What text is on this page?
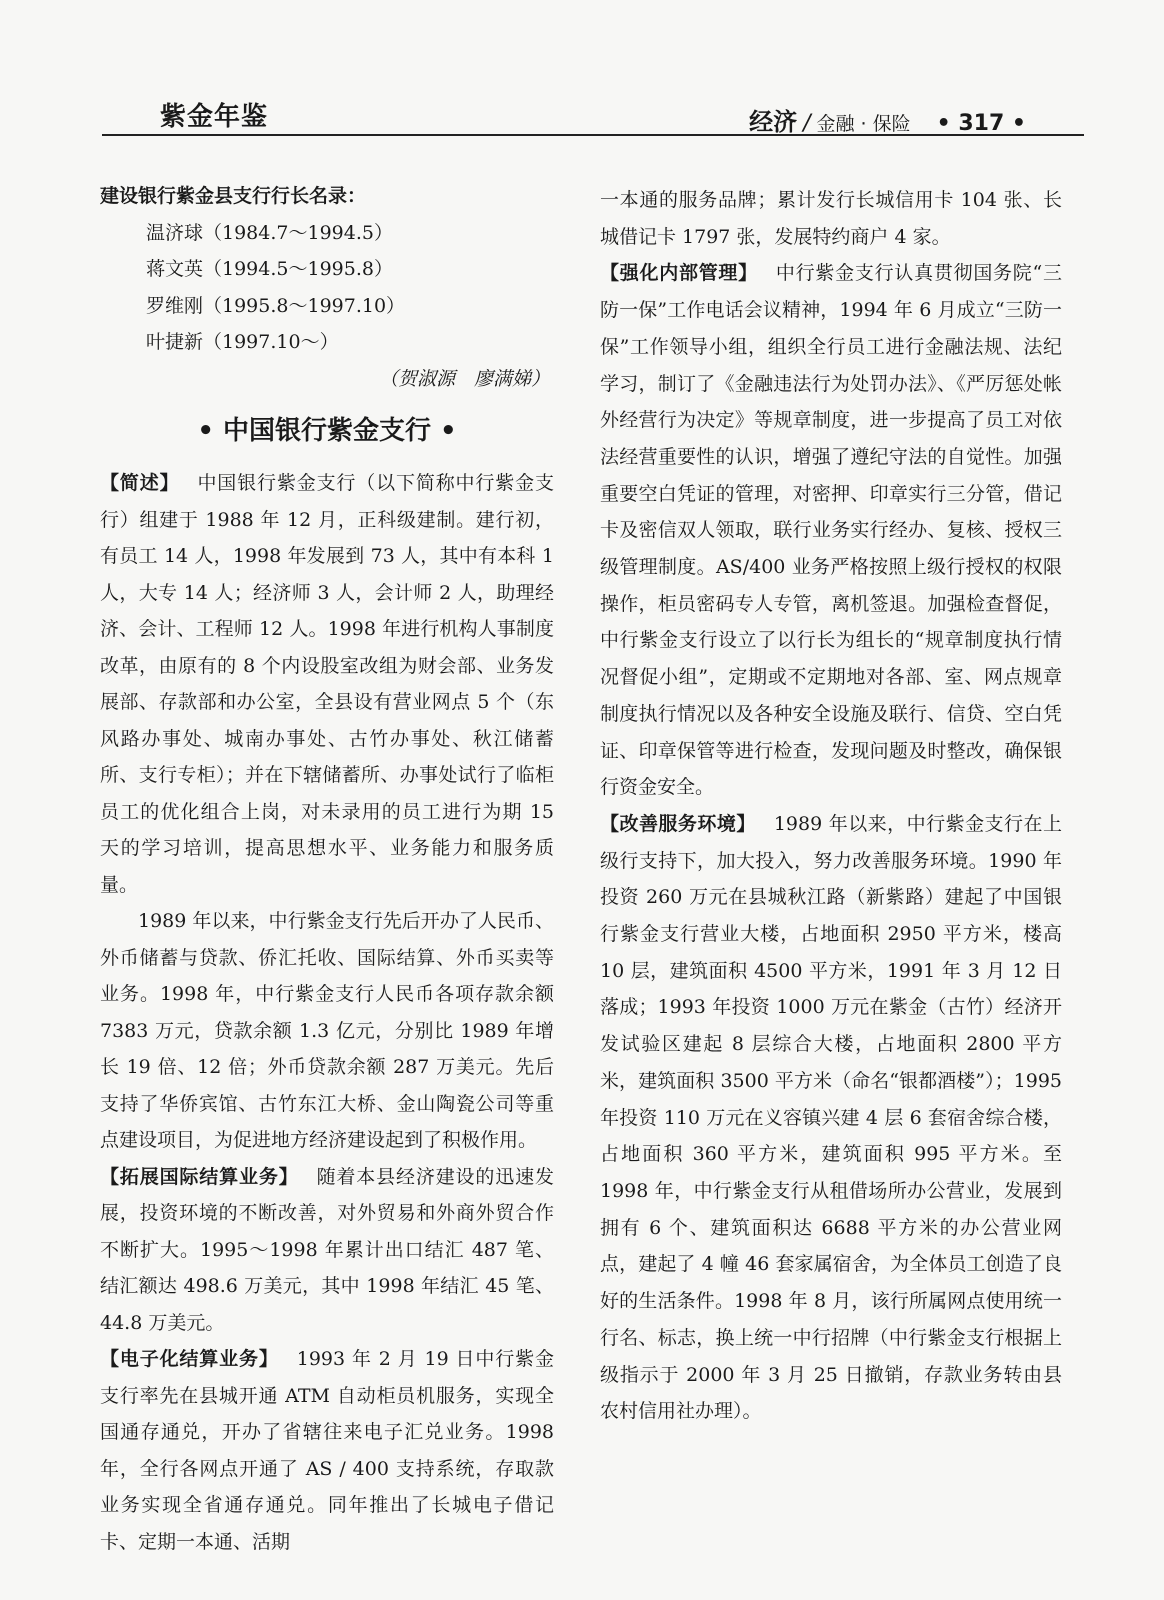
紫金年鉴	经济 / 金融 · 保险 • 317 •

建设银行紫金县支行行长名录：

温济球（1984.7～1994.5）

蒋文英（1994.5～1995.8）

罗维刚（1995.8～1997.10）

叶捷新（1997.10～）

（贺淑源　廖满娣）

• 中国银行紫金支行 •

【简述】 中国银行紫金支行（以下简称中行紫金支行）组建于 1988 年 12 月，正科级建制。建行初，有员工 14 人，1998 年发展到 73 人，其中有本科 1 人，大专 14 人；经济师 3 人，会计师 2 人，助理经济、会计、工程师 12 人。1998 年进行机构人事制度改革，由原有的 8 个内设股室改组为财会部、业务发展部、存款部和办公室，全县设有营业网点 5 个（东风路办事处、城南办事处、古竹办事处、秋江储蓄所、支行专柜）；并在下辖储蓄所、办事处试行了临柜员工的优化组合上岗，对未录用的员工进行为期 15 天的学习培训，提高思想水平、业务能力和服务质量。

1989 年以来，中行紫金支行先后开办了人民币、外币储蓄与贷款、侨汇托收、国际结算、外币买卖等业务。1998 年，中行紫金支行人民币各项存款余额 7383 万元，贷款余额 1.3 亿元，分别比 1989 年增长 19 倍、12 倍；外币贷款余额 287 万美元。先后支持了华侨宾馆、古竹东江大桥、金山陶瓷公司等重点建设项目，为促进地方经济建设起到了积极作用。

【拓展国际结算业务】 随着本县经济建设的迅速发展，投资环境的不断改善，对外贸易和外商外贸合作不断扩大。1995～1998 年累计出口结汇 487 笔、结汇额达 498.6 万美元，其中 1998 年结汇 45 笔、44.8 万美元。

【电子化结算业务】 1993 年 2 月 19 日中行紫金支行率先在县城开通 ATM 自动柜员机服务，实现全国通存通兑，开办了省辖往来电子汇兑业务。1998 年，全行各网点开通了 AS / 400 支持系统，存取款业务实现全省通存通兑。同年推出了长城电子借记卡、定期一本通、活期

一本通的服务品牌；累计发行长城信用卡 104 张、长城借记卡 1797 张，发展特约商户 4 家。

【强化内部管理】 中行紫金支行认真贯彻国务院“三防一保”工作电话会议精神，1994 年 6 月成立“三防一保”工作领导小组，组织全行员工进行金融法规、法纪学习，制订了《金融违法行为处罚办法》、《严厉惩处帐外经营行为决定》等规章制度，进一步提高了员工对依法经营重要性的认识，增强了遵纪守法的自觉性。加强重要空白凭证的管理，对密押、印章实行三分管，借记卡及密信双人领取，联行业务实行经办、复核、授权三级管理制度。AS/400 业务严格按照上级行授权的权限操作，柜员密码专人专管，离机签退。加强检查督促，中行紫金支行设立了以行长为组长的“规章制度执行情况督促小组”，定期或不定期地对各部、室、网点规章制度执行情况以及各种安全设施及联行、信贷、空白凭证、印章保管等进行检查，发现问题及时整改，确保银行资金安全。

【改善服务环境】 1989 年以来，中行紫金支行在上级行支持下，加大投入，努力改善服务环境。1990 年投资 260 万元在县城秋江路（新紫路）建起了中国银行紫金支行营业大楼，占地面积 2950 平方米，楼高 10 层，建筑面积 4500 平方米，1991 年 3 月 12 日落成；1993 年投资 1000 万元在紫金（古竹）经济开发试验区建起 8 层综合大楼，占地面积 2800 平方米，建筑面积 3500 平方米（命名“银都酒楼”）；1995 年投资 110 万元在义容镇兴建 4 层 6 套宿舍综合楼，占地面积 360 平方米，建筑面积 995 平方米。至 1998 年，中行紫金支行从租借场所办公营业，发展到拥有 6 个、建筑面积达 6688 平方米的办公营业网点，建起了 4 幢 46 套家属宿舍，为全体员工创造了良好的生活条件。1998 年 8 月，该行所属网点使用统一行名、标志，换上统一中行招牌（中行紫金支行根据上级指示于 2000 年 3 月 25 日撤销，存款业务转由县农村信用社办理）。
